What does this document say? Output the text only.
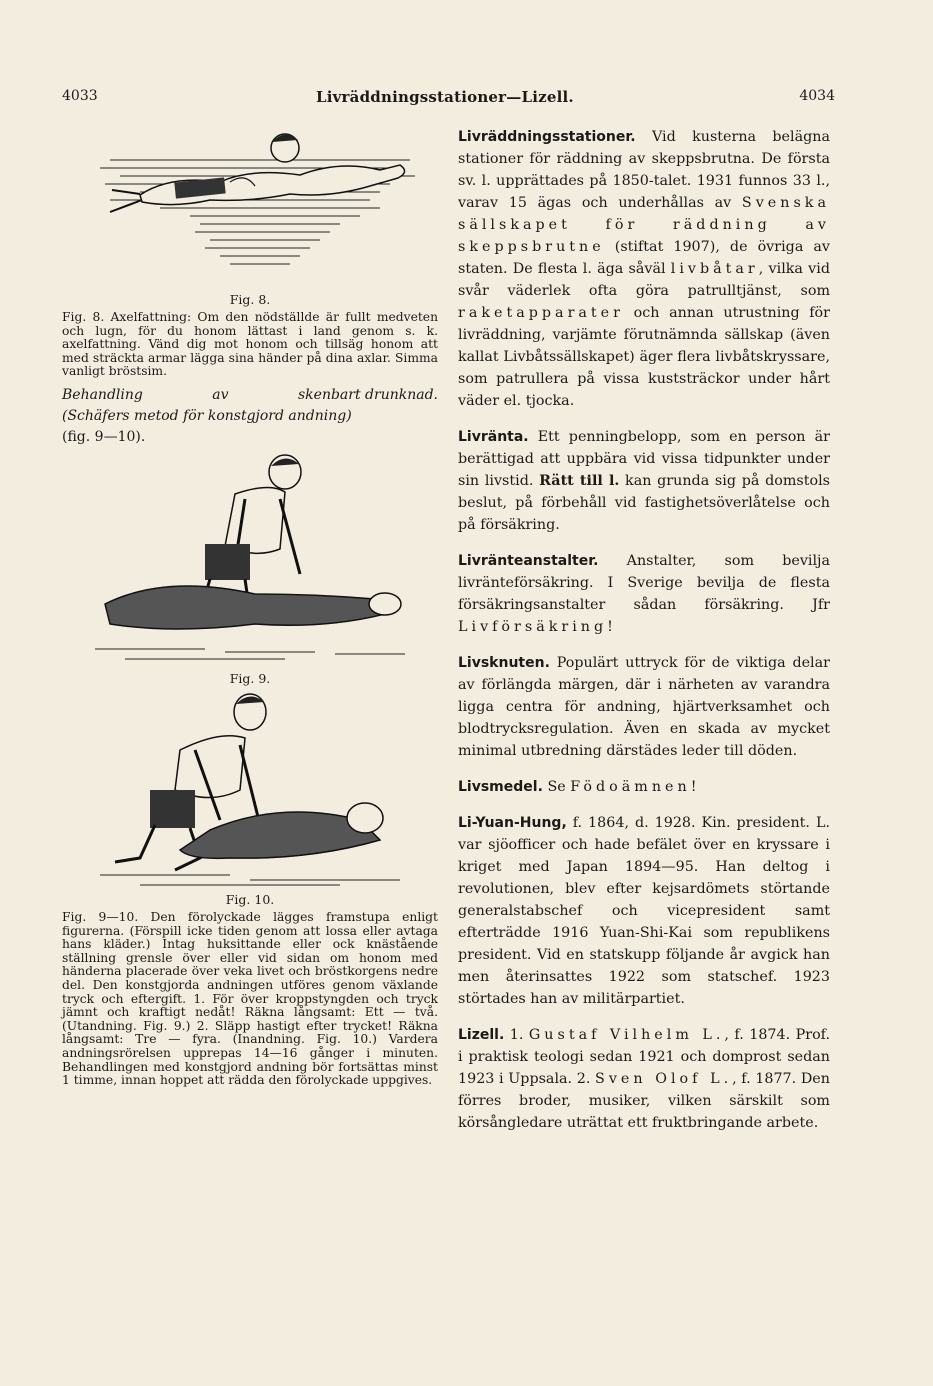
4033	Livräddningsstationer—Lizell.	4034
Fig. 8.

Fig. 8. Axelfattning: Om den nödställde är fullt medveten och lugn, för du honom lättast i land genom s. k. axelfattning. Vänd dig mot honom och tillsäg honom att med sträckta armar lägga sina händer på dina axlar. Simma vanligt bröstsim.

Behandling	av	skenbart drunknad.
(Schäfers metod för konstgjord andning)
(fig. 9—10).
Fig. 9.
Fig. 10.

Fig. 9—10. Den förolyckade lägges framstupa enligt figurerna. (Förspill icke tiden genom att lossa eller avtaga hans kläder.) Intag huksittande eller ock knästående ställning grensle över eller vid sidan om honom med händerna placerade över veka livet och bröstkorgens nedre del. Den konstgjorda andningen utföres genom växlande tryck och eftergift. 1. För över kroppstyngden och tryck jämnt och kraftigt nedåt! Räkna långsamt: Ett — två. (Utandning. Fig. 9.) 2. Släpp hastigt efter trycket! Räkna långsamt: Tre — fyra. (Inandning. Fig. 10.) Vardera andningsrörelsen upprepas 14—16 gånger i minuten. Behandlingen med konstgjord andning bör fortsättas minst 1 timme, innan hoppet att rädda den förolyckade uppgives.

Livräddningsstationer. Vid kusterna belägna stationer för räddning av skeppsbrutna. De första sv. l. upprättades på 1850-talet. 1931 funnos 33 l., varav 15 ägas och underhållas av Svenska sällskapet för räddning av skeppsbrutne (stiftat 1907), de övriga av staten. De flesta l. äga såväl livbåtar, vilka vid svår väderlek ofta göra patrulltjänst, som raketapparater och annan utrustning för livräddning, varjämte förutnämnda sällskap (även kallat Livbåtssällskapet) äger flera livbåtskryssare, som patrullera på vissa kuststräckor under hårt väder el. tjocka.

Livränta. Ett penningbelopp, som en person är berättigad att uppbära vid vissa tidpunkter under sin livstid. Rätt till l. kan grunda sig på domstols beslut, på förbehåll vid fastighetsöverlåtelse och på försäkring.

Livränteanstalter. Anstalter, som bevilja livränteförsäkring. I Sverige bevilja de flesta försäkringsanstalter sådan försäkring. Jfr Livförsäkring!

Livsknuten. Populärt uttryck för de viktiga delar av förlängda märgen, där i närheten av varandra ligga centra för andning, hjärtverksamhet och blodtrycksregulation. Även en skada av mycket minimal utbredning därstädes leder till döden.

Livsmedel. Se Födoämnen!

Li-Yuan-Hung, f. 1864, d. 1928. Kin. president. L. var sjöofficer och hade befälet över en kryssare i kriget med Japan 1894—95. Han deltog i revolutionen, blev efter kejsardömets störtande generalstabschef och vicepresident samt efterträdde 1916 Yuan-Shi-Kai som republikens president. Vid en statskupp följande år avgick han men återinsattes 1922 som statschef. 1923 störtades han av militärpartiet.

Lizell. 1. Gustaf Vilhelm L., f. 1874. Prof. i praktisk teologi sedan 1921 och domprost sedan 1923 i Uppsala. 2. Sven Olof L., f. 1877. Den förres broder, musiker, vilken särskilt som körsångledare uträttat ett fruktbringande arbete.
